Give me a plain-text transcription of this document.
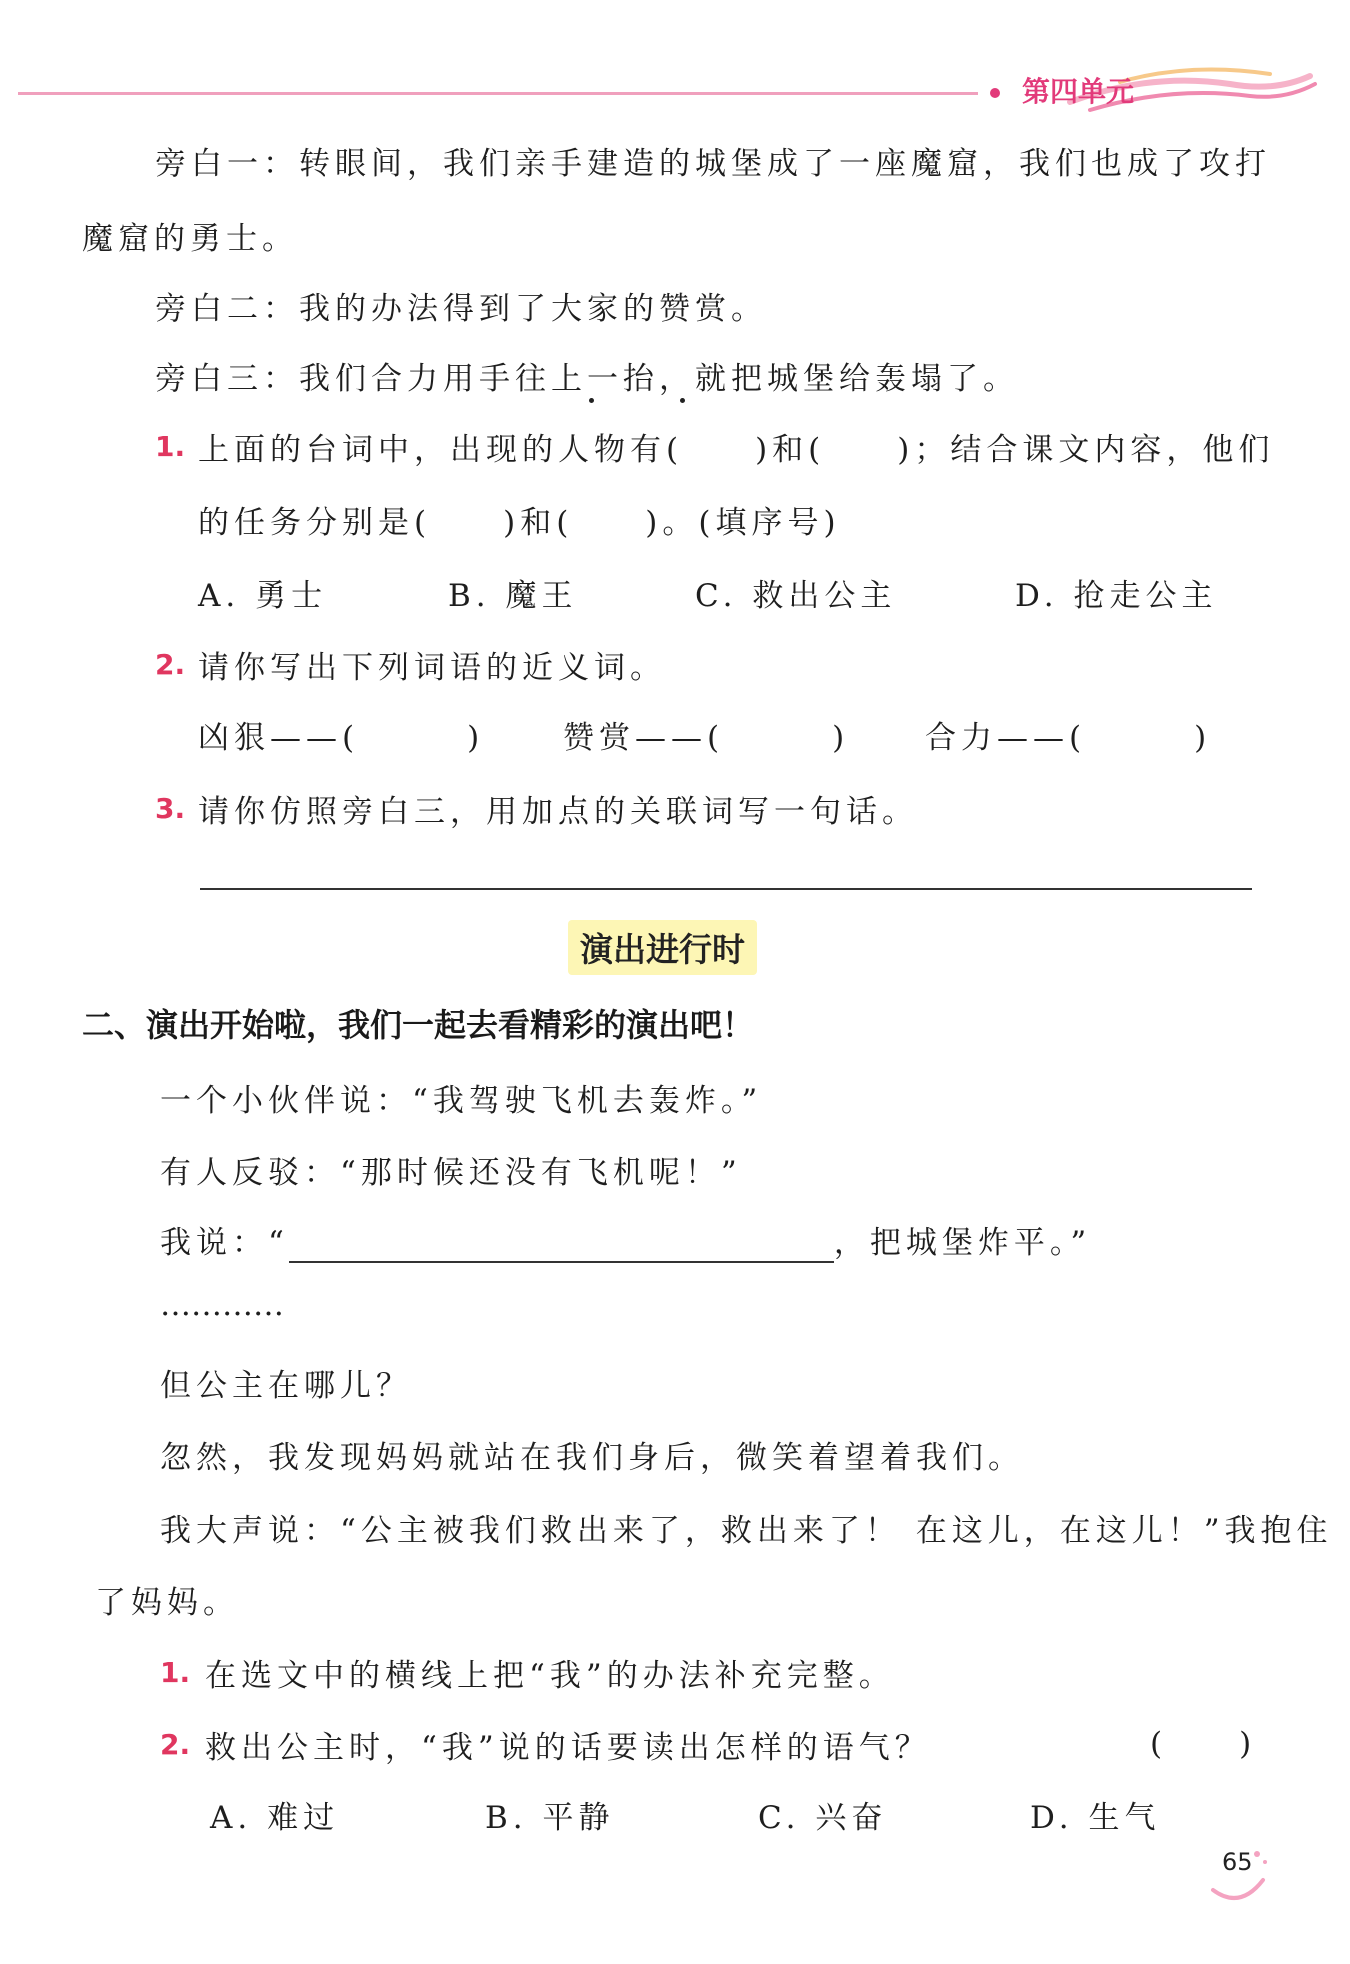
第四单元
旁白一：转眼间，我们亲手建造的城堡成了一座魔窟，我们也成了攻打
魔窟的勇士。
旁白二：我的办法得到了大家的赞赏。
旁白三：我们合力用手往上一抬，就把城堡给轰塌了。
1. 上面的台词中，出现的人物有(　　)和(　　)；结合课文内容，他们
的任务分别是(　　)和(　　)。(填序号)
A. 勇士	B. 魔王	C. 救出公主	D. 抢走公主
2. 请你写出下列词语的近义词。
凶狠——(　　　)	赞赏——(　　　) 合力——(　　　)
3. 请你仿照旁白三，用加点的关联词写一句话。
演出进行时
二、演出开始啦，我们一起去看精彩的演出吧！
一个小伙伴说：“我驾驶飞机去轰炸。”
有人反驳：“那时候还没有飞机呢！”
我说：“	，把城堡炸平。”
…………
但公主在哪儿？
忽然，我发现妈妈就站在我们身后，微笑着望着我们。
我大声说：“公主被我们救出来了，救出来了！ 在这儿，在这儿！”我抱住
了妈妈。
1. 在选文中的横线上把“我”的办法补充完整。
2. 救出公主时，“我”说的话要读出怎样的语气？	(　　)
A. 难过	B. 平静	C. 兴奋	D. 生气
65
